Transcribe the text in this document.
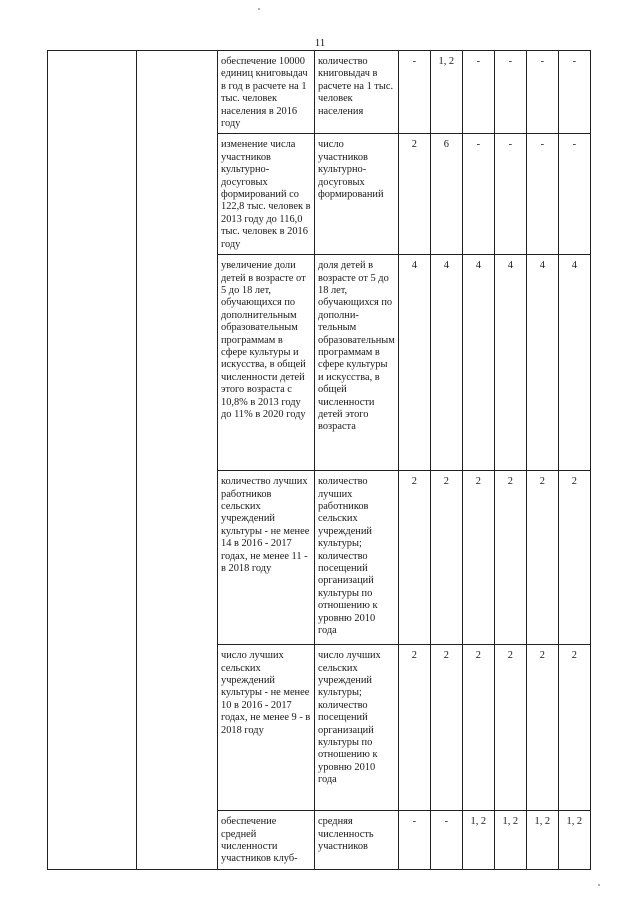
11
		обеспечение 10000 единиц книговыдач в год в расчете на 1 тыс. человек населения в 2016 году	количество книговыдач в расчете на 1 тыс. человек населения	-	1, 2	-	-	-	-
		изменение числа участников культурно-досуговых формирований со 122,8 тыс. человек в 2013 году до 116,0 тыс. человек в 2016 году	число участников культурно-досуговых формирований	2	6	-	-	-	-
		увеличение доли детей в возрасте от 5 до 18 лет, обучающихся по дополнительным образовательным программам в сфере культуры и искусства, в общей численности детей этого возраста с 10,8% в 2013 году до 11% в 2020 году	доля детей в возрасте от 5 до 18 лет, обучающихся по дополни-тельным образовательным программам в сфере культуры и искусства, в общей численности детей этого возраста	4	4	4	4	4	4
		количество лучших работников сельских учреждений культуры - не менее 14 в 2016 - 2017 годах, не менее 11 - в 2018 году	количество лучших работников сельских учреждений культуры; количество посещений организаций культуры по отношению к уровню 2010 года	2	2	2	2	2	2
		число лучших сельских учреждений культуры - не менее 10 в 2016 - 2017 годах, не менее 9 - в 2018 году	число лучших сельских учреждений культуры; количество посещений организаций культуры по отношению к уровню 2010 года	2	2	2	2	2	2
		обеспечение средней численности участников клуб-	средняя численность участников	-	-	1, 2	1, 2	1, 2	1, 2
